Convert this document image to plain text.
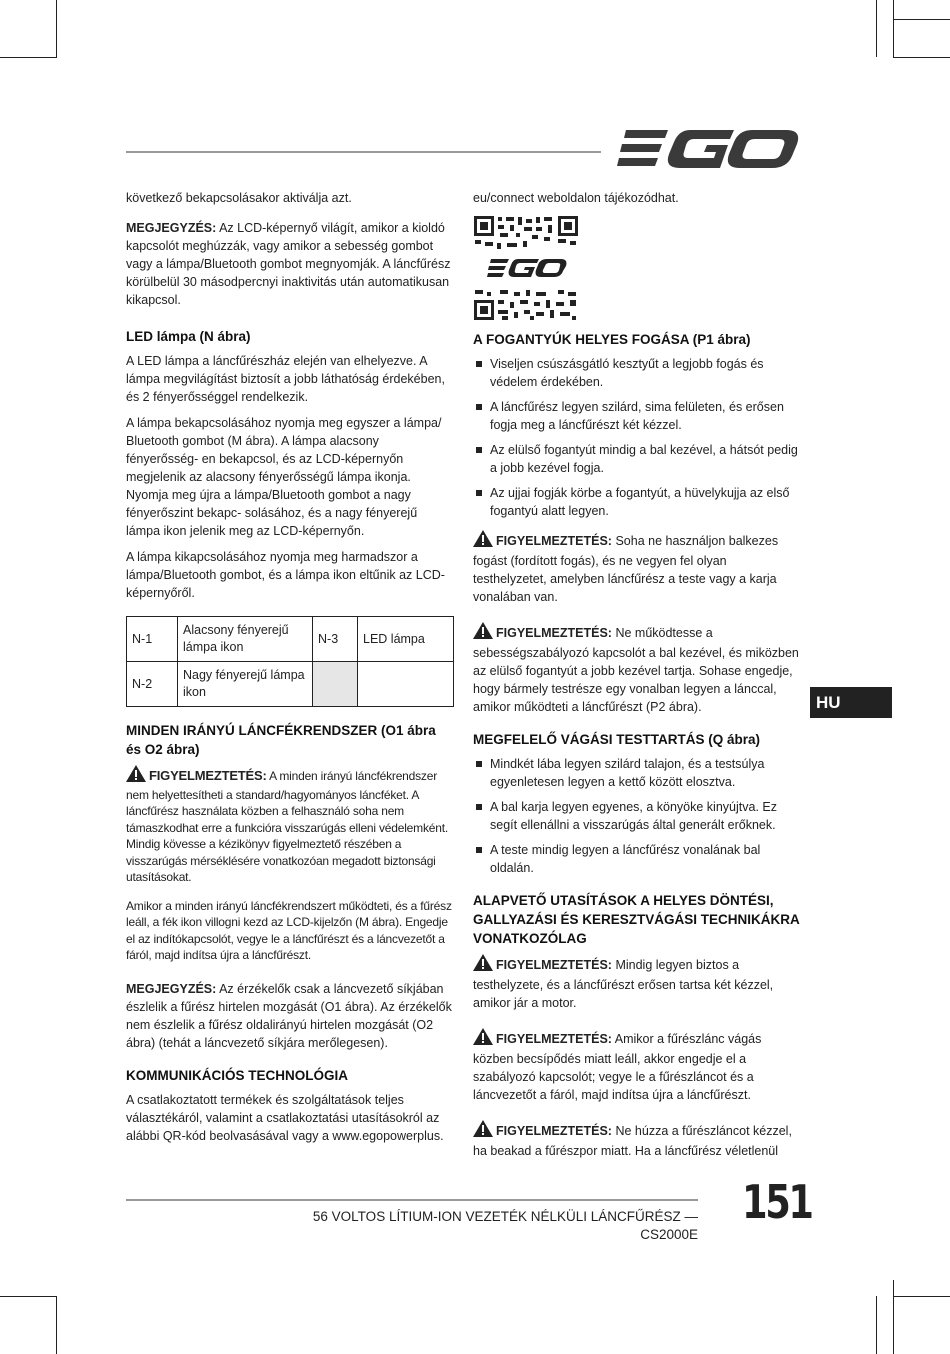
következő bekapcsolásakor aktiválja azt.

MEGJEGYZÉS: Az LCD-képernyő világít, amikor a kioldó kapcsolót meghúzzák, vagy amikor a sebesség gombot vagy a lámpa/Bluetooth gombot megnyomják. A láncfűrész körülbelül 30 másodpercnyi inaktivitás után automatikusan kikapcsol.

LED lámpa (N ábra)

A LED lámpa a láncfűrészház elején van elhelyezve. A lámpa megvilágítást biztosít a jobb láthatóság érdekében, és 2 fényerősséggel rendelkezik.

A lámpa bekapcsolásához nyomja meg egyszer a lámpa/ Bluetooth gombot (M ábra). A lámpa alacsony fényerősség- en bekapcsol, és az LCD-képernyőn megjelenik az alacsony fényerősségű lámpa ikonja. Nyomja meg újra a lámpa/Bluetooth gombot a nagy fényerőszint bekapc- solásához, és a nagy fényerejű lámpa ikon jelenik meg az LCD-képernyőn.

A lámpa kikapcsolásához nyomja meg harmadszor a lámpa/Bluetooth gombot, és a lámpa ikon eltűnik az LCD-képernyőről.

N-1	Alacsony fényerejű lámpa ikon	N-3	LED lámpa
N-2	Nagy fényerejű lámpa ikon		
MINDEN IRÁNYÚ LÁNCFÉKRENDSZER (O1 ábra és O2 ábra)

FIGYELMEZTETÉS: A minden irányú láncfékrendszer nem helyettesítheti a standard/hagyományos láncféket. A láncfűrész használata közben a felhasználó soha nem támaszkodhat erre a funkcióra visszarúgás elleni védelemként. Mindig kövesse a kézikönyv figyelmeztető részében a visszarúgás mérséklésére vonatkozóan megadott biztonsági utasításokat.

Amikor a minden irányú láncfékrendszert működteti, és a fűrész leáll, a fék ikon villogni kezd az LCD-kijelzőn (M ábra). Engedje el az indítókapcsolót, vegye le a láncfűrészt és a láncvezetőt a fáról, majd indítsa újra a láncfűrészt.

MEGJEGYZÉS: Az érzékelők csak a láncvezető síkjában észlelik a fűrész hirtelen mozgását (O1 ábra). Az érzékelők nem észlelik a fűrész oldalirányú hirtelen mozgását (O2 ábra) (tehát a láncvezető síkjára merőlegesen).

KOMMUNIKÁCIÓS TECHNOLÓGIA

A csatlakoztatott termékek és szolgáltatások teljes választékáról, valamint a csatlakoztatási utasításokról az alábbi QR-kód beolvasásával vagy a www.egopowerplus.

eu/connect weboldalon tájékozódhat.

A FOGANTYÚK HELYES FOGÁSA (P1 ábra)
Viseljen csúszásgátló kesztyűt a legjobb fogás és védelem érdekében.
A láncfűrész legyen szilárd, sima felületen, és erősen fogja meg a láncfűrészt két kézzel.
Az elülső fogantyút mindig a bal kezével, a hátsót pedig a jobb kezével fogja.
Az ujjai fogják körbe a fogantyút, a hüvelykujja az első fogantyú alatt legyen.

FIGYELMEZTETÉS: Soha ne használjon balkezes fogást (fordított fogás), és ne vegyen fel olyan testhelyzetet, amelyben láncfűrész a teste vagy a karja vonalában van.

FIGYELMEZTETÉS: Ne működtesse a sebességszabályozó kapcsolót a bal kezével, és miközben az elülső fogantyút a jobb kezével tartja. Sohase engedje, hogy bármely testrésze egy vonalban legyen a lánccal, amikor működteti a láncfűrészt (P2 ábra).

MEGFELELŐ VÁGÁSI TESTTARTÁS (Q ábra)
Mindkét lába legyen szilárd talajon, és a testsúlya egyenletesen legyen a kettő között elosztva.
A bal karja legyen egyenes, a könyöke kinyújtva. Ez segít ellenállni a visszarúgás által generált erőknek.
A teste mindig legyen a láncfűrész vonalának bal oldalán.
ALAPVETŐ UTASÍTÁSOK A HELYES DÖNTÉSI, GALLYAZÁSI ÉS KERESZTVÁGÁSI TECHNIKÁKRA VONATKOZÓLAG

FIGYELMEZTETÉS: Mindig legyen biztos a testhelyzete, és a láncfűrészt erősen tartsa két kézzel, amikor jár a motor.

FIGYELMEZTETÉS: Amikor a fűrészlánc vágás közben becsípődés miatt leáll, akkor engedje el a szabályozó kapcsolót; vegye le a fűrészláncot és a láncvezetőt a fáról, majd indítsa újra a láncfűrészt.

FIGYELMEZTETÉS: Ne húzza a fűrészláncot kézzel, ha beakad a fűrészpor miatt. Ha a láncfűrész véletlenül

HU
56 VOLTOS LÍTIUM-ION VEZETÉK NÉLKÜLI LÁNCFŰRÉSZ — CS2000E
151
